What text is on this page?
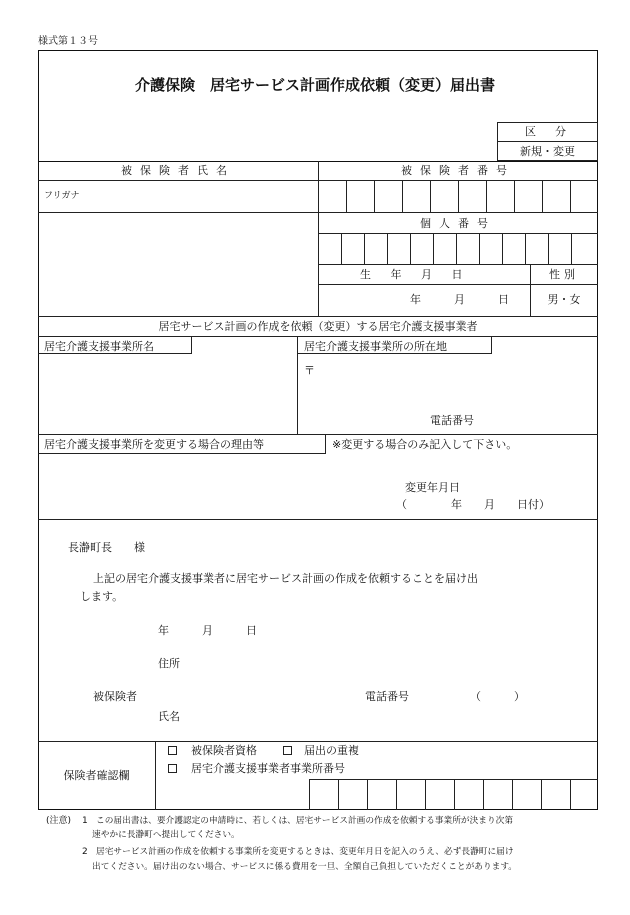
様式第１３号
介護保険　居宅サービス計画作成依頼（変更）届出書
区　分
新規・変更
被保険者氏名	被保険者番号
フリガナ
個人番号
生 年 月 日	性別
年　　　月　　　日	男・女
居宅サービス計画の作成を依頼（変更）する居宅介護支援事業者
居宅介護支援事業所名	居宅介護支援事業所の所在地
〒
電話番号
居宅介護支援事業所を変更する場合の理由等	※変更する場合のみ記入して下さい。
変更年月日
（　　　　年　　月　　日付）
長瀞町長　　様
上記の居宅介護支援事業者に居宅サービス計画の作成を依頼することを届け出
します。
年　　　月　　　日
住所
被保険者	電話番号	（　　　）
氏名
保険者確認欄
被保険者資格	届出の重複
居宅介護支援事業者事業所番号
(注意) 1 この届出書は、要介護認定の申請時に、若しくは、居宅サービス計画の作成を依頼する事業所が決まり次第
速やかに長瀞町へ提出してください。
2 居宅サービス計画の作成を依頼する事業所を変更するときは、変更年月日を記入のうえ、必ず長瀞町に届け
出てください。届け出のない場合、サービスに係る費用を一旦、全額自己負担していただくことがあります。
